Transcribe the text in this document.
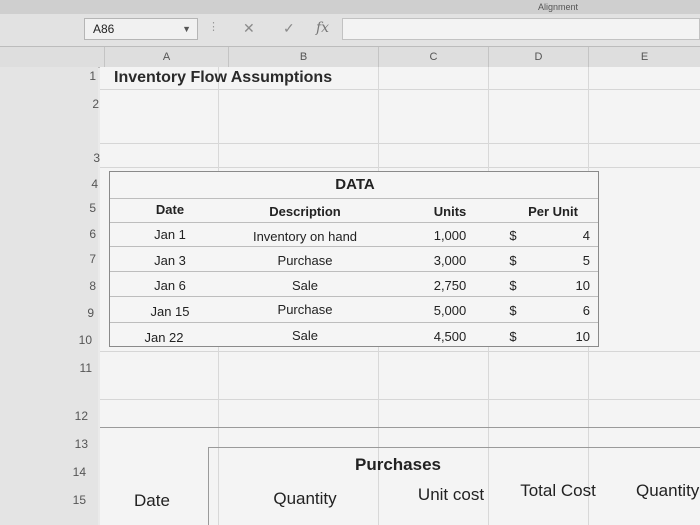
Alignment
A86	▼ ⋮ ✕ ✓ fx
A	B	C	D	E
1
2
3
4
5
6
7
8
9
10
11
12
13
14
15
Inventory Flow Assumptions
DATA
Date	Description	Units	Per Unit
Jan 1	Inventory on hand	1,000	$	4
Jan 3	Purchase	3,000	$	5
Jan 6	Sale	2,750	$	10
Jan 15	Purchase	5,000	$	6
Jan 22	Sale	4,500	$	10
Purchases
Date	Quantity	Unit cost	Total Cost	Quantity
